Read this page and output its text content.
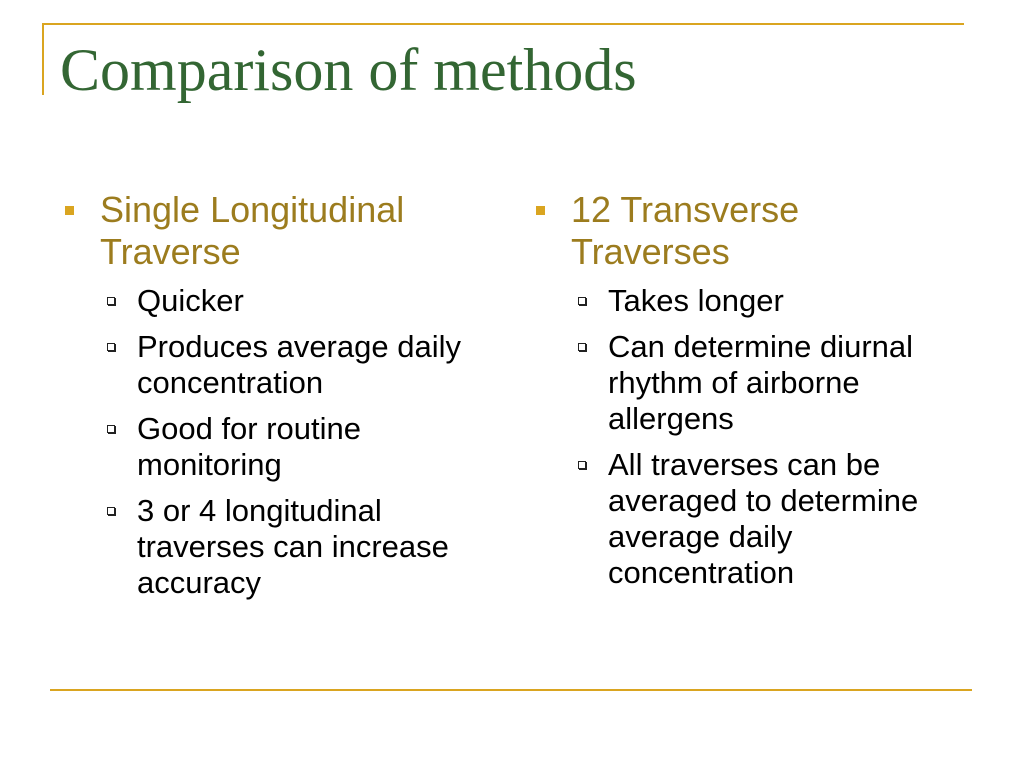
Comparison of methods
Single Longitudinal Traverse
Quicker
Produces average daily concentration
Good for routine monitoring
3 or 4 longitudinal traverses can increase accuracy
12 Transverse Traverses
Takes longer
Can determine diurnal rhythm of airborne allergens
All traverses can be averaged to determine average daily concentration
